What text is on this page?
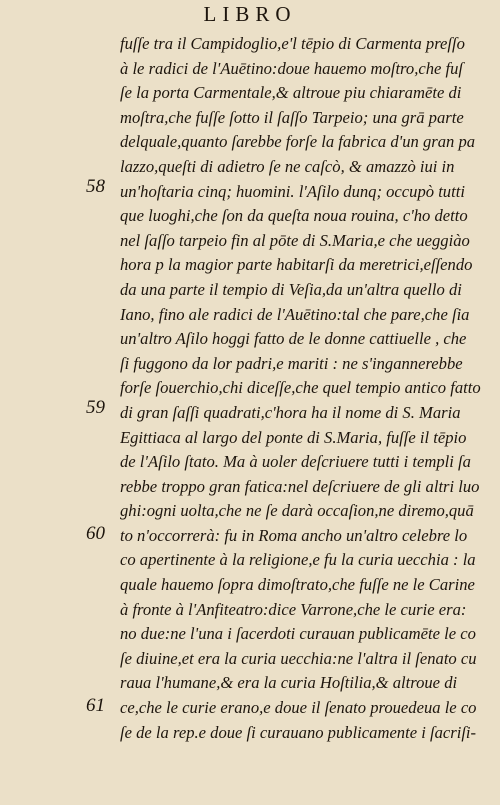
LIBRO
58
59
60
61
fuſſe tra il Campidoglio,e'l tēpio di Carmenta preſſo
à le radici de l'Auētino:doue hauemo moſtro,che fuſ
ſe la porta Carmentale,& altroue piu chiaramēte di
moſtra,che fuſſe ſotto il ſaſſo Tarpeio; una grā parte
delquale,quanto ſarebbe forſe la fabrica d'un gran pa
lazzo,queſti di adietro ſe ne caſcò, & amazzò iui in
un'hoſtaria cinq; huomini. l'Aſilo dunq; occupò tutti
que luoghi,che ſon da queſta noua rouina, c'ho detto
nel ſaſſo tarpeio fin al pōte di S.Maria,e che ueggiào
hora p la magior parte habitarſi da meretrici,eſſendo
da una parte il tempio di Veſia,da un'altra quello di
Iano, fino ale radici de l'Auētino:tal che pare,che ſia
un'altro Aſilo hoggi fatto de le donne cattiuelle , che
ſi fuggono da lor padri,e mariti : ne s'ingannerebbe
forſe ſouerchio,chi diceſſe,che quel tempio antico fatto
di gran ſaſſi quadrati,c'hora ha il nome di S. Maria
Egittiaca al largo del ponte di S.Maria, fuſſe il tēpio
de l'Aſilo ſtato. Ma à uoler deſcriuere tutti i templi ſa
rebbe troppo gran fatica:nel deſcriuere de gli altri luo
ghi:ogni uolta,che ne ſe darà occaſion,ne diremo,quā
to n'occorrerà: fu in Roma ancho un'altro celebre lo
co apertinente à la religione,e fu la curia uecchia : la
quale hauemo ſopra dimoſtrato,che fuſſe ne le Carine
à fronte à l'Anfiteatro:dice Varrone,che le curie era:
no due:ne l'una i ſacerdoti curauan publicamēte le co
ſe diuine,et era la curia uecchia:ne l'altra il ſenato cu
raua l'humane,& era la curia Hoſtilia,& altroue di
ce,che le curie erano,e doue il ſenato prouedeua le co
ſe de la rep.e doue ſi curauano publicamente i ſacriſi-
